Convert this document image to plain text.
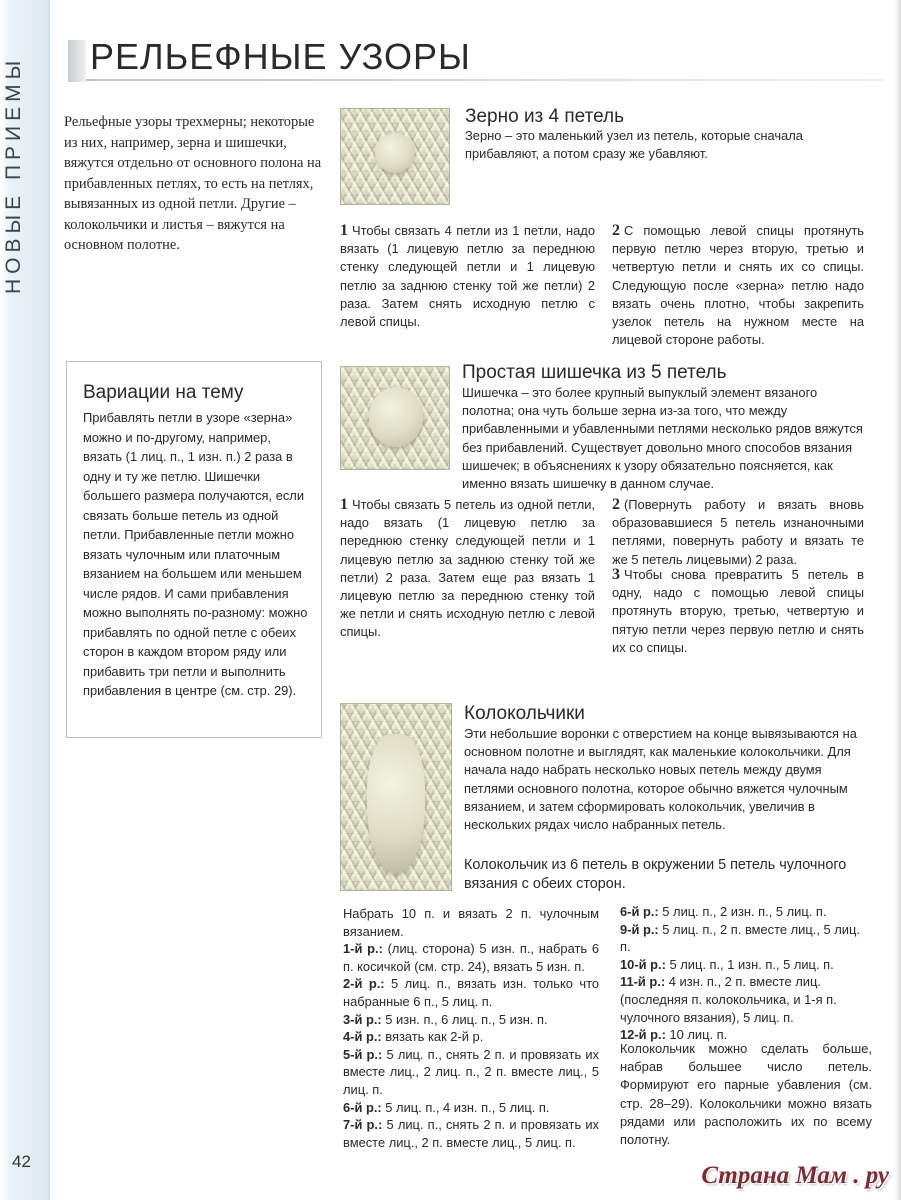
НОВЫЕ ПРИЕМЫ
42
РЕЛЬЕФНЫЕ УЗОРЫ

Рельефные узоры трехмерны; некоторые из них, например, зерна и шишечки, вяжутся отдельно от основного полона на прибавленных петлях, то есть на петлях, вывязанных из одной петли. Другие – колокольчики и листья – вяжутся на основном полотне.

Вариации на тему

Прибавлять петли в узоре «зерна» можно и по-другому, например, вязать (1 лиц. п., 1 изн. п.) 2 раза в одну и ту же петлю. Шишечки большего размера получаются, если связать больше петель из одной петли. Прибавленные петли можно вязать чулочным или платочным вязанием на большем или меньшем числе рядов. И сами прибавления можно выполнять по-разному: можно прибавлять по одной петле с обеих сторон в каждом втором ряду или прибавить три петли и выполнить прибавления в центре (см. стр. 29).

Зерно из 4 петель

Зерно – это маленький узел из петель, которые сначала прибавляют, а потом сразу же убавляют.

1 Чтобы связать 4 петли из 1 петли, надо вязать (1 лицевую петлю за переднюю стенку следующей петли и 1 лицевую петлю за заднюю стенку той же петли) 2 раза. Затем снять исходную петлю с левой спицы.

2 С помощью левой спицы протянуть первую петлю через вторую, третью и четвертую петли и снять их со спицы. Следующую после «зерна» петлю надо вязать очень плотно, чтобы закрепить узелок петель на нужном месте на лицевой стороне работы.

Простая шишечка из 5 петель

Шишечка – это более крупный выпуклый элемент вязаного полотна; она чуть больше зерна из-за того, что между прибавленными и убавленными петлями несколько рядов вяжутся без прибавлений. Существует довольно много способов вязания шишечек; в объяснениях к узору обязательно поясняется, как именно вязать шишечку в данном случае.

1 Чтобы связать 5 петель из одной петли, надо вязать (1 лицевую петлю за переднюю стенку следующей петли и 1 лицевую петлю за заднюю стенку той же петли) 2 раза. Затем еще раз вязать 1 лицевую петлю за переднюю стенку той же петли и снять исходную петлю с левой спицы.

2 (Повернуть работу и вязать вновь образовавшиеся 5 петель изнаночными петлями, повернуть работу и вязать те же 5 петель лицевыми) 2 раза.

3 Чтобы снова превратить 5 петель в одну, надо с помощью левой спицы протянуть вторую, третью, четвертую и пятую петли через первую петлю и снять их со спицы.

Колокольчики

Эти небольшие воронки с отверстием на конце вывязываются на основном полотне и выглядят, как маленькие колокольчики. Для начала надо набрать несколько новых петель между двумя петлями основного полотна, которое обычно вяжется чулочным вязанием, и затем сформировать колокольчик, увеличив в нескольких рядах число набранных петель.

Колокольчик из 6 петель в окружении 5 петель чулочного вязания с обеих сторон.

Набрать 10 п. и вязать 2 п. чулочным вязанием.
1-й р.: (лиц. сторона) 5 изн. п., набрать 6 п. косичкой (см. стр. 24), вязать 5 изн. п.
2-й р.: 5 лиц. п., вязать изн. только что набранные 6 п., 5 лиц. п.
3-й р.: 5 изн. п., 6 лиц. п., 5 изн. п.
4-й р.: вязать как 2-й р.
5-й р.: 5 лиц. п., снять 2 п. и провязать их вместе лиц., 2 лиц. п., 2 п. вместе лиц., 5 лиц. п.
6-й р.: 5 лиц. п., 4 изн. п., 5 лиц. п.
7-й р.: 5 лиц. п., снять 2 п. и провязать их вместе лиц., 2 п. вместе лиц., 5 лиц. п.
6-й р.: 5 лиц. п., 2 изн. п., 5 лиц. п.
9-й р.: 5 лиц. п., 2 п. вместе лиц., 5 лиц. п.
10-й р.: 5 лиц. п., 1 изн. п., 5 лиц. п.
11-й р.: 4 изн. п., 2 п. вместе лиц. (последняя п. колокольчика, и 1-я п. чулочного вязания), 5 лиц. п.
12-й р.: 10 лиц. п.

Колокольчик можно сделать больше, набрав большее число петель. Формируют его парные убавления (см. стр. 28–29). Колокольчики можно вязать рядами или расположить их по всему полотну.

Страна Мам . ру
